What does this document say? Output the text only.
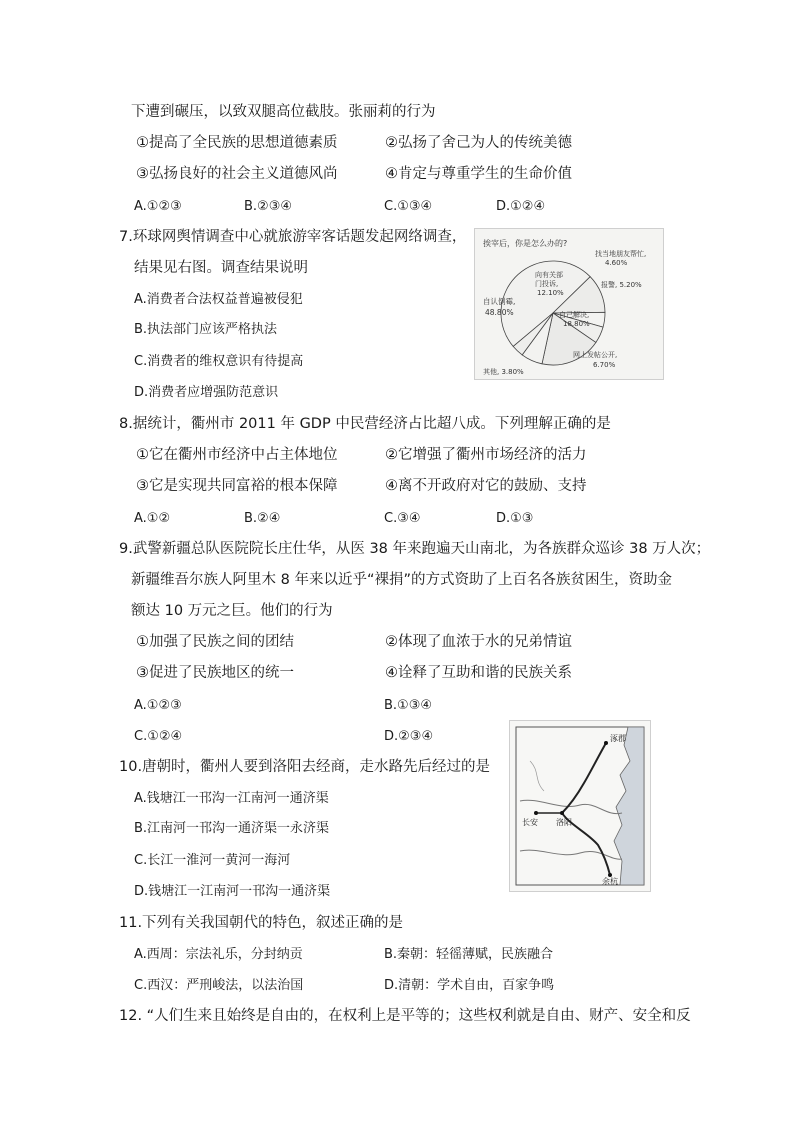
下遭到碾压，以致双腿高位截肢。张丽莉的行为
①提高了全民族的思想道德素质	②弘扬了舍己为人的传统美德
③弘扬良好的社会主义道德风尚	④肯定与尊重学生的生命价值
A.①②③	B.②③④	C.①③④	D.①②④
7.环球网舆情调查中心就旅游宰客话题发起网络调查，
结果见右图。调查结果说明
A.消费者合法权益普遍被侵犯
B.执法部门应该严格执法
C.消费者的维权意识有待提高
D.消费者应增强防范意识
挨宰后，你是怎么办的?
向有关部
门投诉,
12.10%
找当地朋友帮忙,
4.60%
报警, 5.20%
自认倒霉,
48.80%	自己解决,
18.80%
网上发帖公开,
6.70%
其他, 3.80%
8.据统计，衢州市 2011 年 GDP 中民营经济占比超八成。下列理解正确的是
①它在衢州市经济中占主体地位	②它增强了衢州市场经济的活力
③它是实现共同富裕的根本保障	④离不开政府对它的鼓励、支持
A.①②	B.②④	C.③④	D.①③
9.武警新疆总队医院院长庄仕华，从医 38 年来跑遍天山南北，为各族群众巡诊 38 万人次；
新疆维吾尔族人阿里木 8 年来以近乎“裸捐”的方式资助了上百名各族贫困生，资助金
额达 10 万元之巨。他们的行为
①加强了民族之间的团结	②体现了血浓于水的兄弟情谊
③促进了民族地区的统一	④诠释了互助和谐的民族关系
A.①②③	B.①③④
C.①②④	D.②③④	涿郡
长安 洛阳
余杭
10.唐朝时，衢州人要到洛阳去经商，走水路先后经过的是
A.钱塘江一邗沟一江南河一通济渠
B.江南河一邗沟一通济渠一永济渠
C.长江一淮河一黄河一海河
D.钱塘江一江南河一邗沟一通济渠
11.下列有关我国朝代的特色，叙述正确的是
A.西周：宗法礼乐，分封纳贡	B.秦朝：轻徭薄赋，民族融合
C.西汉：严刑峻法，以法治国	D.清朝：学术自由，百家争鸣
12. “人们生来且始终是自由的，在权利上是平等的；这些权利就是自由、财产、安全和反
